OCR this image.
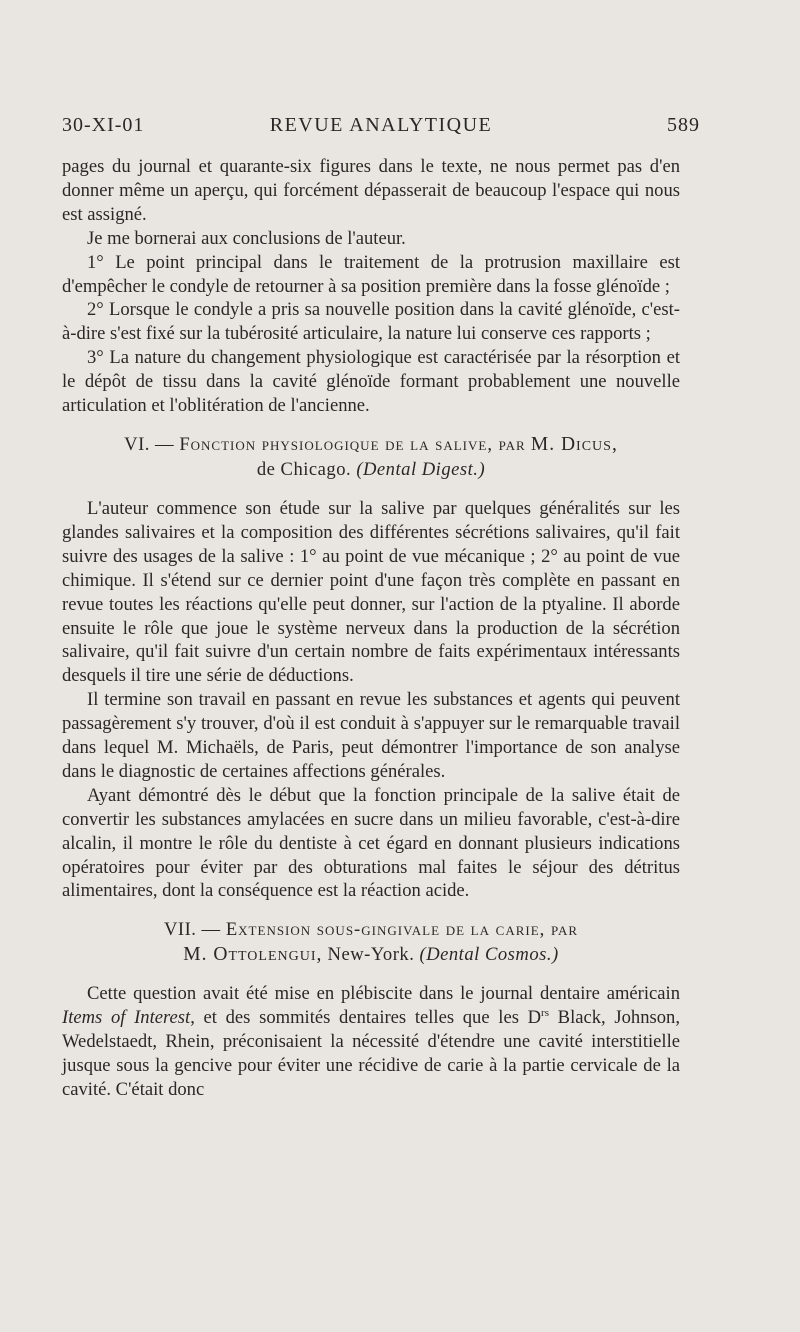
30-XI-01	REVUE ANALYTIQUE	589

pages du journal et quarante-six figures dans le texte, ne nous permet pas d'en donner même un aperçu, qui forcément dépasserait de beaucoup l'espace qui nous est assigné.

Je me bornerai aux conclusions de l'auteur.

1° Le point principal dans le traitement de la protrusion maxillaire est d'empêcher le condyle de retourner à sa position première dans la fosse glénoïde ;

2° Lorsque le condyle a pris sa nouvelle position dans la cavité glénoïde, c'est-à-dire s'est fixé sur la tubérosité articulaire, la nature lui conserve ces rapports ;

3° La nature du changement physiologique est caractérisée par la résorption et le dépôt de tissu dans la cavité glénoïde formant probablement une nouvelle articulation et l'oblitération de l'ancienne.

VI. — Fonction physiologique de la salive, par M. Dicus,
de Chicago. (Dental Digest.)

L'auteur commence son étude sur la salive par quelques généralités sur les glandes salivaires et la composition des différentes sécrétions salivaires, qu'il fait suivre des usages de la salive : 1° au point de vue mécanique ; 2° au point de vue chimique. Il s'étend sur ce dernier point d'une façon très complète en passant en revue toutes les réactions qu'elle peut donner, sur l'action de la ptyaline. Il aborde ensuite le rôle que joue le système nerveux dans la production de la sécrétion salivaire, qu'il fait suivre d'un certain nombre de faits expérimentaux intéressants desquels il tire une série de déductions.

Il termine son travail en passant en revue les substances et agents qui peuvent passagèrement s'y trouver, d'où il est conduit à s'appuyer sur le remarquable travail dans lequel M. Michaëls, de Paris, peut démontrer l'importance de son analyse dans le diagnostic de certaines affections générales.

Ayant démontré dès le début que la fonction principale de la salive était de convertir les substances amylacées en sucre dans un milieu favorable, c'est-à-dire alcalin, il montre le rôle du dentiste à cet égard en donnant plusieurs indications opératoires pour éviter par des obturations mal faites le séjour des détritus alimentaires, dont la conséquence est la réaction acide.

VII. — Extension sous-gingivale de la carie, par
M. Ottolengui, New-York. (Dental Cosmos.)

Cette question avait été mise en plébiscite dans le journal dentaire américain Items of Interest, et des sommités dentaires telles que les $D^{rs}$ Black, Johnson, Wedelstaedt, Rhein, préconisaient la nécessité d'étendre une cavité interstitielle jusque sous la gencive pour éviter une récidive de carie à la partie cervicale de la cavité. C'était donc
